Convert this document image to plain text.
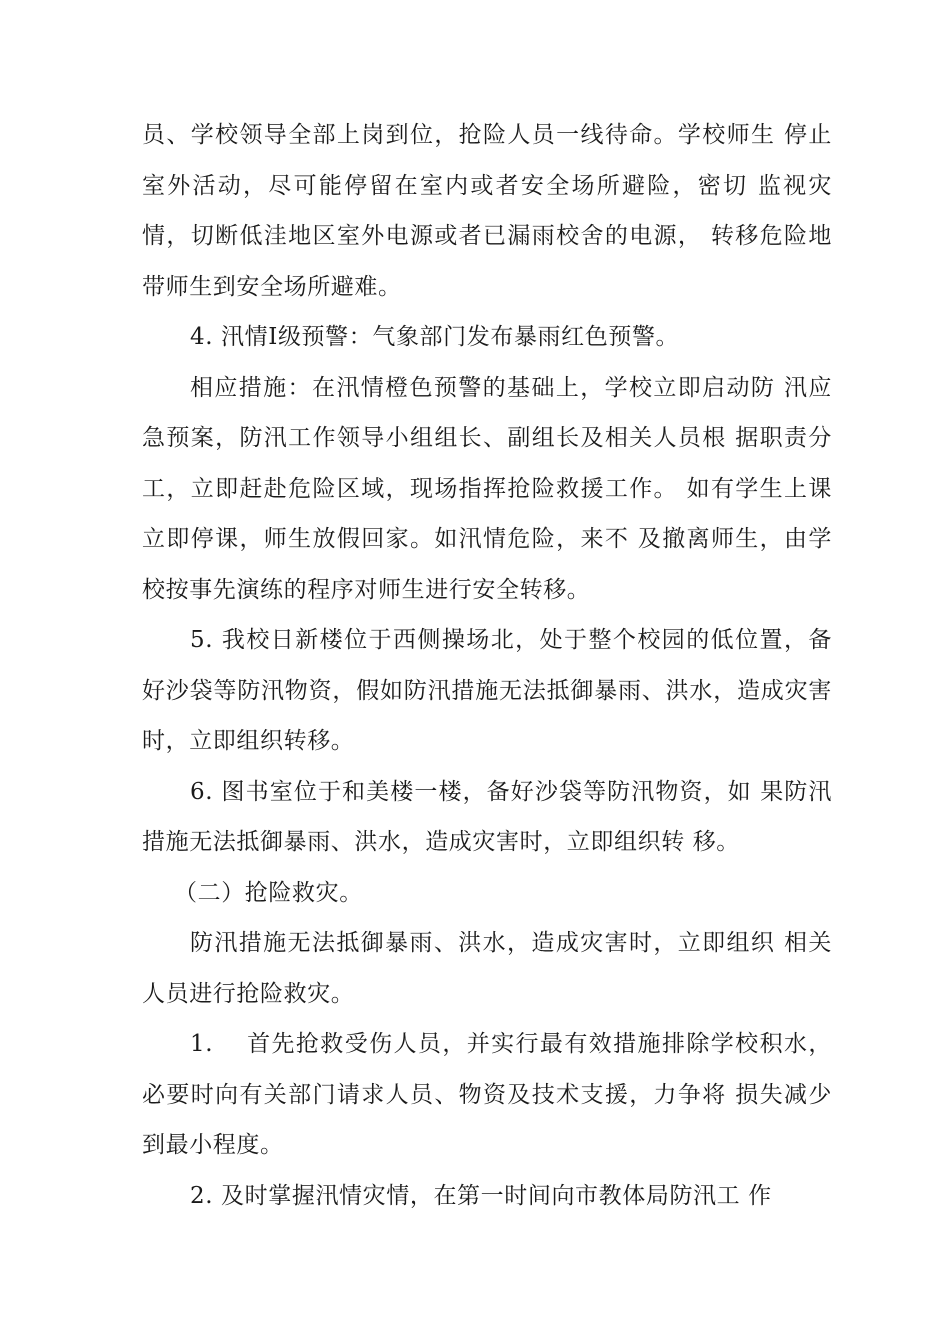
员、学校领导全部上岗到位，抢险人员一线待命。学校师生 停止室外活动，尽可能停留在室内或者安全场所避险，密切 监视灾情，切断低洼地区室外电源或者已漏雨校舍的电源， 转移危险地带师生到安全场所避难。

4. 汛情Ⅰ级预警：气象部门发布暴雨红色预警。

相应措施：在汛情橙色预警的基础上，学校立即启动防 汛应急预案，防汛工作领导小组组长、副组长及相关人员根 据职责分工，立即赶赴危险区域，现场指挥抢险救援工作。 如有学生上课立即停课，师生放假回家。如汛情危险，来不 及撤离师生，由学校按事先演练的程序对师生进行安全转移。

5. 我校日新楼位于西侧操场北，处于整个校园的低位置，备好沙袋等防汛物资，假如防汛措施无法抵御暴雨、洪水，造成灾害时，立即组织转移。

6. 图书室位于和美楼一楼，备好沙袋等防汛物资，如 果防汛措施无法抵御暴雨、洪水，造成灾害时，立即组织转 移。

（二）抢险救灾。

防汛措施无法抵御暴雨、洪水，造成灾害时，立即组织 相关人员进行抢险救灾。

1.　 首先抢救受伤人员，并实行最有效措施排除学校积水，必要时向有关部门请求人员、物资及技术支援，力争将 损失减少到最小程度。

2. 及时掌握汛情灾情，在第一时间向市教体局防汛工 作
